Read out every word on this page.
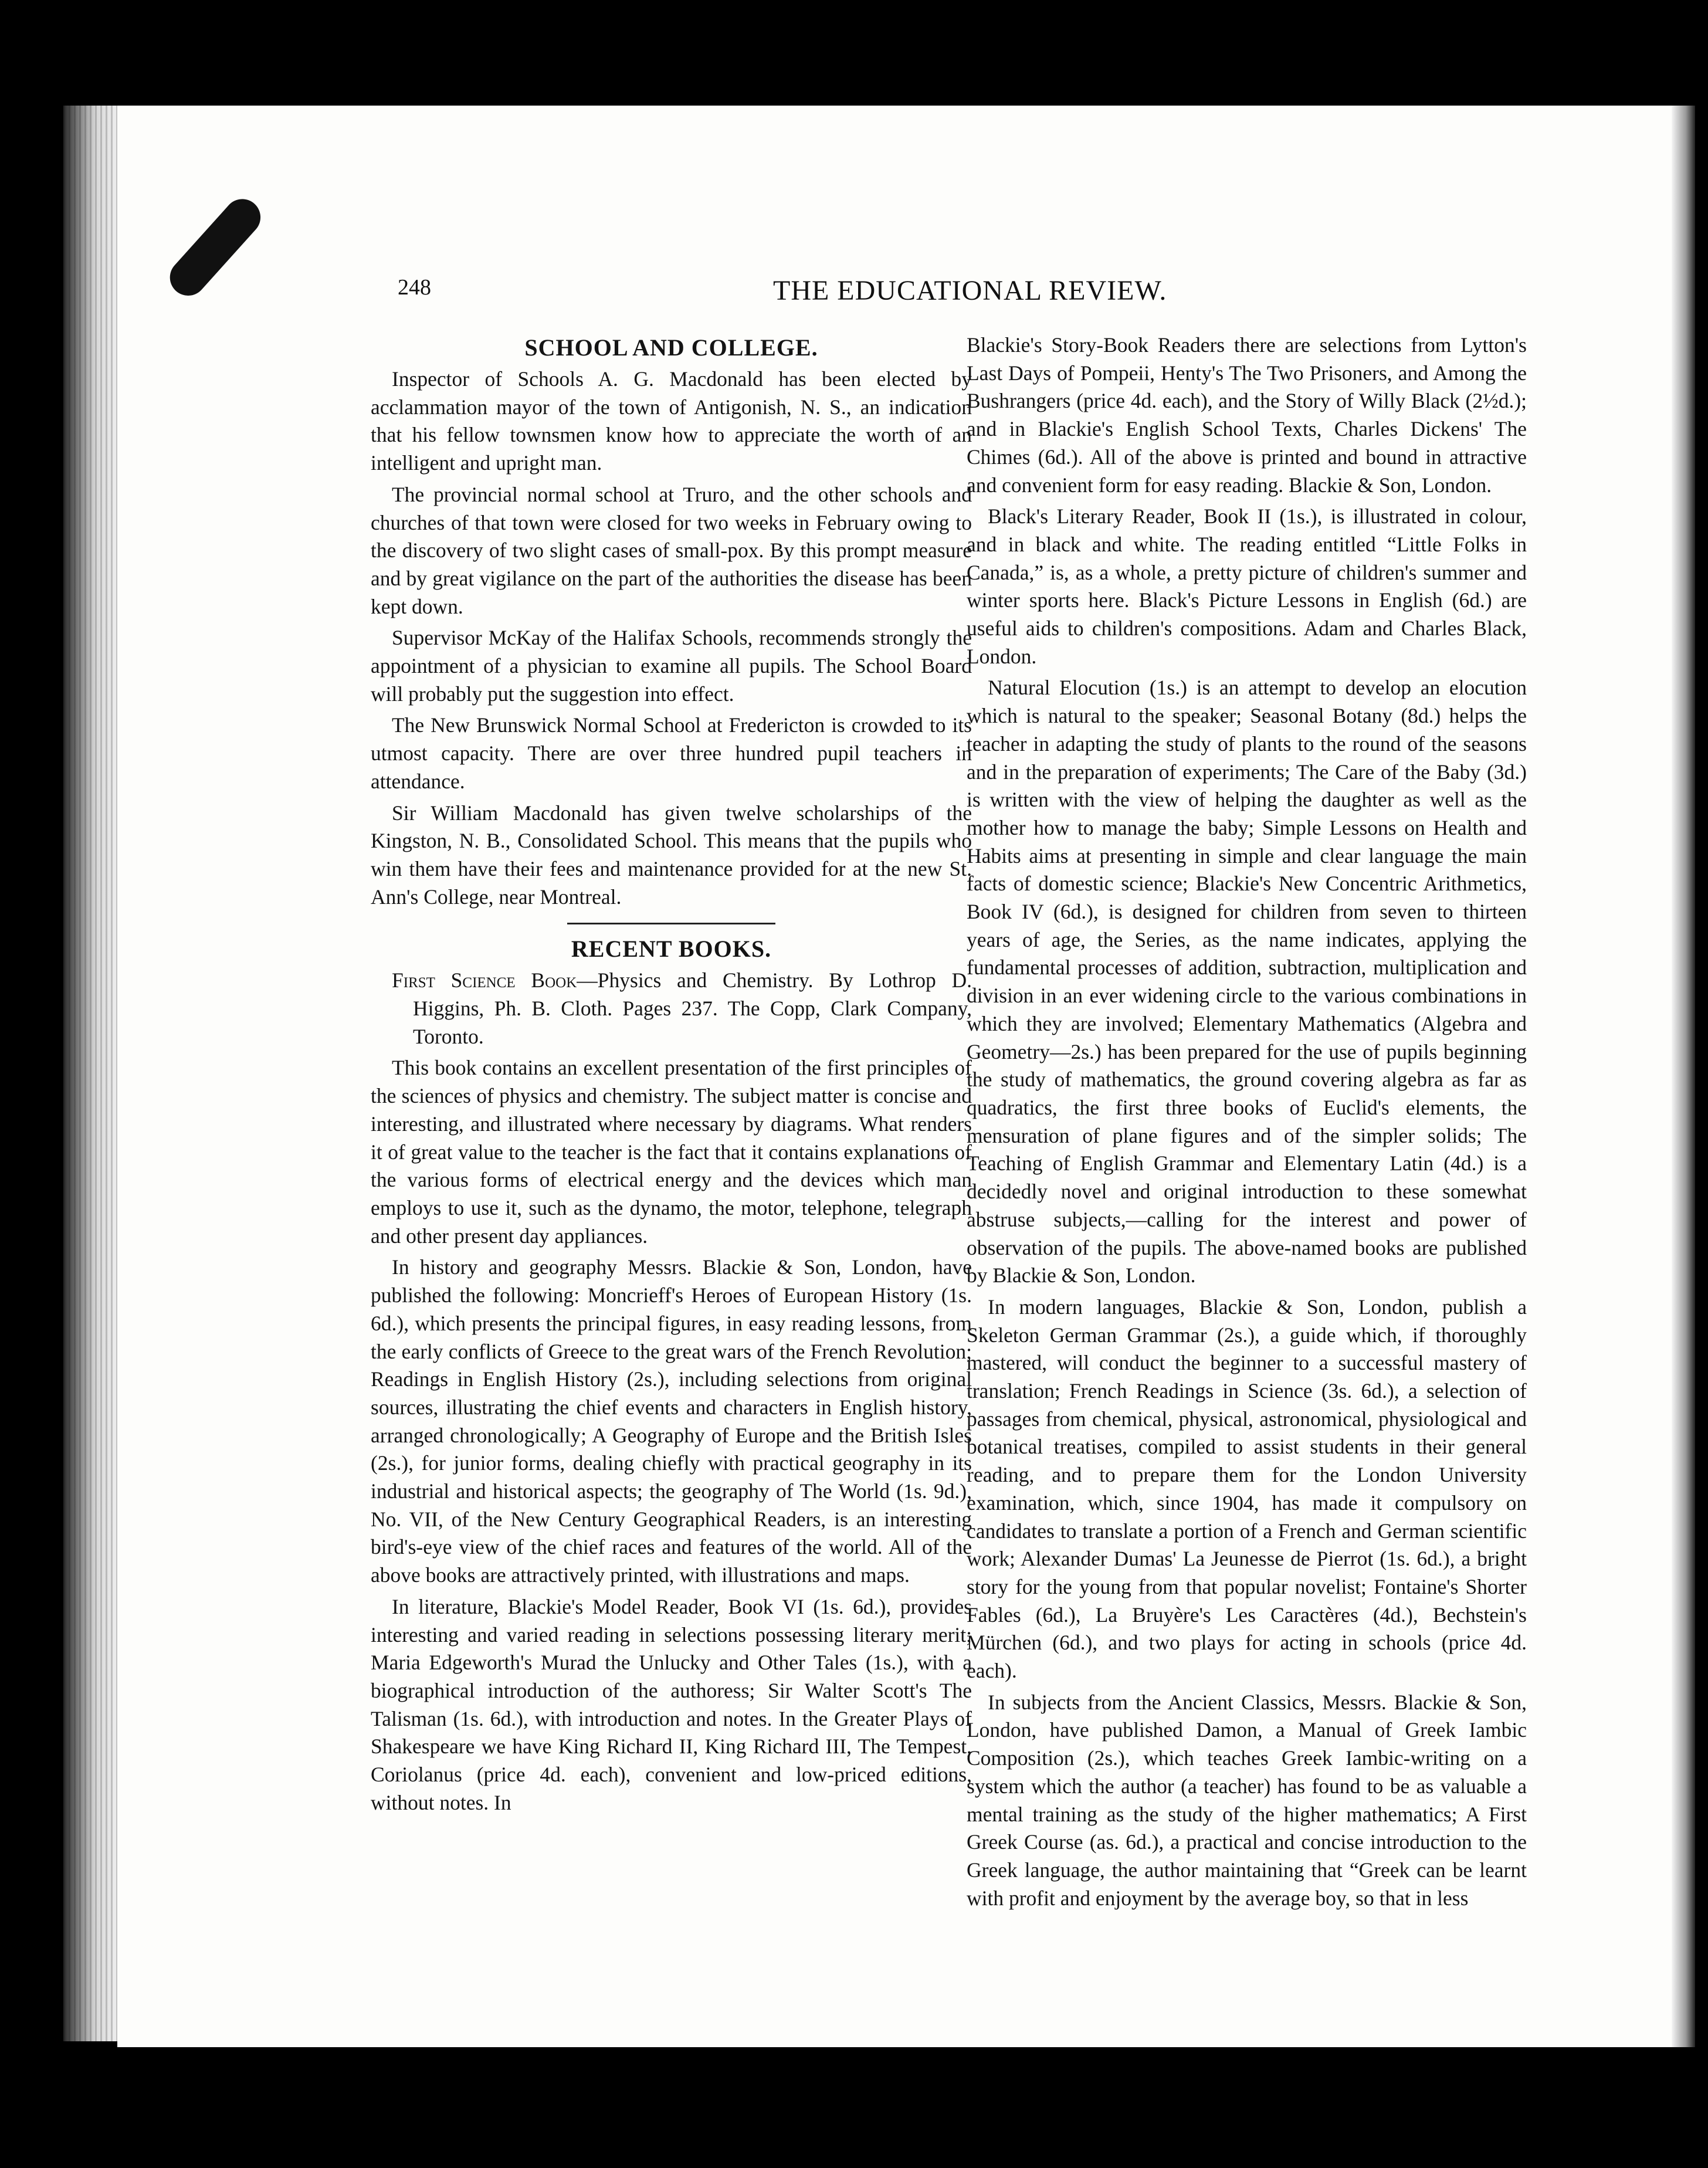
248	THE EDUCATIONAL REVIEW.
SCHOOL AND COLLEGE.

Inspector of Schools A. G. Macdonald has been elected by acclammation mayor of the town of Antigonish, N. S., an indication that his fellow townsmen know how to appreciate the worth of an intelligent and upright man.

The provincial normal school at Truro, and the other schools and churches of that town were closed for two weeks in February owing to the discovery of two slight cases of small-pox. By this prompt measure and by great vigilance on the part of the authorities the disease has been kept down.

Supervisor McKay of the Halifax Schools, recommends strongly the appointment of a physician to examine all pupils. The School Board will probably put the suggestion into effect.

The New Brunswick Normal School at Fredericton is crowded to its utmost capacity. There are over three hundred pupil teachers in attendance.

Sir William Macdonald has given twelve scholarships of the Kingston, N. B., Consolidated School. This means that the pupils who win them have their fees and maintenance provided for at the new St. Ann's College, near Montreal.

RECENT BOOKS.

First Science Book—Physics and Chemistry. By Lothrop D. Higgins, Ph. B. Cloth. Pages 237. The Copp, Clark Company, Toronto.

This book contains an excellent presentation of the first principles of the sciences of physics and chemistry. The subject matter is concise and interesting, and illustrated where necessary by diagrams. What renders it of great value to the teacher is the fact that it contains explanations of the various forms of electrical energy and the devices which man employs to use it, such as the dynamo, the motor, telephone, telegraph and other present day appliances.

In history and geography Messrs. Blackie & Son, London, have published the following: Moncrieff's Heroes of European History (1s. 6d.), which presents the principal figures, in easy reading lessons, from the early conflicts of Greece to the great wars of the French Revolution; Readings in English History (2s.), including selections from original sources, illustrating the chief events and characters in English history, arranged chronologically; A Geography of Europe and the British Isles (2s.), for junior forms, dealing chiefly with practical geography in its industrial and historical aspects; the geography of The World (1s. 9d.), No. VII, of the New Century Geographical Readers, is an interesting bird's-eye view of the chief races and features of the world. All of the above books are attractively printed, with illustrations and maps.

In literature, Blackie's Model Reader, Book VI (1s. 6d.), provides interesting and varied reading in selections possessing literary merit; Maria Edgeworth's Murad the Unlucky and Other Tales (1s.), with a biographical introduction of the authoress; Sir Walter Scott's The Talisman (1s. 6d.), with introduction and notes. In the Greater Plays of Shakespeare we have King Richard II, King Richard III, The Tempest, Coriolanus (price 4d. each), convenient and low-priced editions, without notes. In

Blackie's Story-Book Readers there are selections from Lytton's Last Days of Pompeii, Henty's The Two Prisoners, and Among the Bushrangers (price 4d. each), and the Story of Willy Black (2½d.); and in Blackie's English School Texts, Charles Dickens' The Chimes (6d.). All of the above is printed and bound in attractive and convenient form for easy reading. Blackie & Son, London.

Black's Literary Reader, Book II (1s.), is illustrated in colour, and in black and white. The reading entitled “Little Folks in Canada,” is, as a whole, a pretty picture of children's summer and winter sports here. Black's Picture Lessons in English (6d.) are useful aids to children's compositions. Adam and Charles Black, London.

Natural Elocution (1s.) is an attempt to develop an elocution which is natural to the speaker; Seasonal Botany (8d.) helps the teacher in adapting the study of plants to the round of the seasons and in the preparation of experiments; The Care of the Baby (3d.) is written with the view of helping the daughter as well as the mother how to manage the baby; Simple Lessons on Health and Habits aims at presenting in simple and clear language the main facts of domestic science; Blackie's New Concentric Arithmetics, Book IV (6d.), is designed for children from seven to thirteen years of age, the Series, as the name indicates, applying the fundamental processes of addition, subtraction, multiplication and division in an ever widening circle to the various combinations in which they are involved; Elementary Mathematics (Algebra and Geometry—2s.) has been prepared for the use of pupils beginning the study of mathematics, the ground covering algebra as far as quadratics, the first three books of Euclid's elements, the mensuration of plane figures and of the simpler solids; The Teaching of English Grammar and Elementary Latin (4d.) is a decidedly novel and original introduction to these somewhat abstruse subjects,—calling for the interest and power of observation of the pupils. The above-named books are published by Blackie & Son, London.

In modern languages, Blackie & Son, London, publish a Skeleton German Grammar (2s.), a guide which, if thoroughly mastered, will conduct the beginner to a successful mastery of translation; French Readings in Science (3s. 6d.), a selection of passages from chemical, physical, astronomical, physiological and botanical treatises, compiled to assist students in their general reading, and to prepare them for the London University examination, which, since 1904, has made it compulsory on candidates to translate a portion of a French and German scientific work; Alexander Dumas' La Jeunesse de Pierrot (1s. 6d.), a bright story for the young from that popular novelist; Fontaine's Shorter Fables (6d.), La Bruyère's Les Caractères (4d.), Bechstein's Mürchen (6d.), and two plays for acting in schools (price 4d. each).

In subjects from the Ancient Classics, Messrs. Blackie & Son, London, have published Damon, a Manual of Greek Iambic Composition (2s.), which teaches Greek Iambic-writing on a system which the author (a teacher) has found to be as valuable a mental training as the study of the higher mathematics; A First Greek Course (as. 6d.), a practical and concise introduction to the Greek language, the author maintaining that “Greek can be learnt with profit and enjoyment by the average boy, so that in less
